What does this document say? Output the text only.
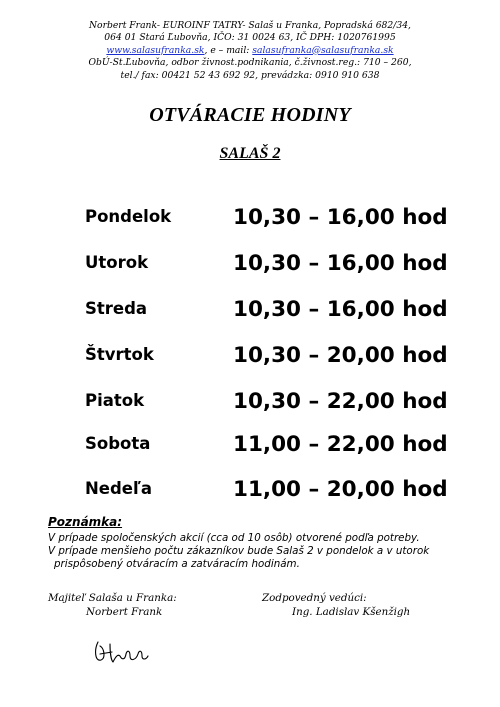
Norbert Frank- EUROINF TATRY- Salaš u Franka, Popradská 682/34,
064 01 Stará Ľubovňa, IČO: 31 0024 63, IČ DPH: 1020761995
www.salasufranka.sk, e – mail: salasufranka@salasufranka.sk
ObÚ-St.Ľubovňa, odbor živnost.podnikania, č.živnost.reg.: 710 – 260,
tel./ fax: 00421 52 43 692 92, prevádzka: 0910 910 638
OTVÁRACIE HODINY
SALAŠ 2
Pondelok	10,30 – 16,00 hod
Utorok	10,30 – 16,00 hod
Streda	10,30 – 16,00 hod
Štvrtok	10,30 – 20,00 hod
Piatok	10,30 – 22,00 hod
Sobota	11,00 – 22,00 hod
Nedeľa	11,00 – 20,00 hod
Poznámka:
V prípade spoločenských akcií (cca od 10 osôb) otvorené podľa potreby.
V prípade menšieho počtu zákazníkov bude Salaš 2 v pondelok a v utorok
prispôsobený otváracím a zatváracím hodinám.
Majiteľ Salaša u Franka:
Norbert Frank
Zodpovedný vedúci:
Ing. Ladislav Kšenžigh
